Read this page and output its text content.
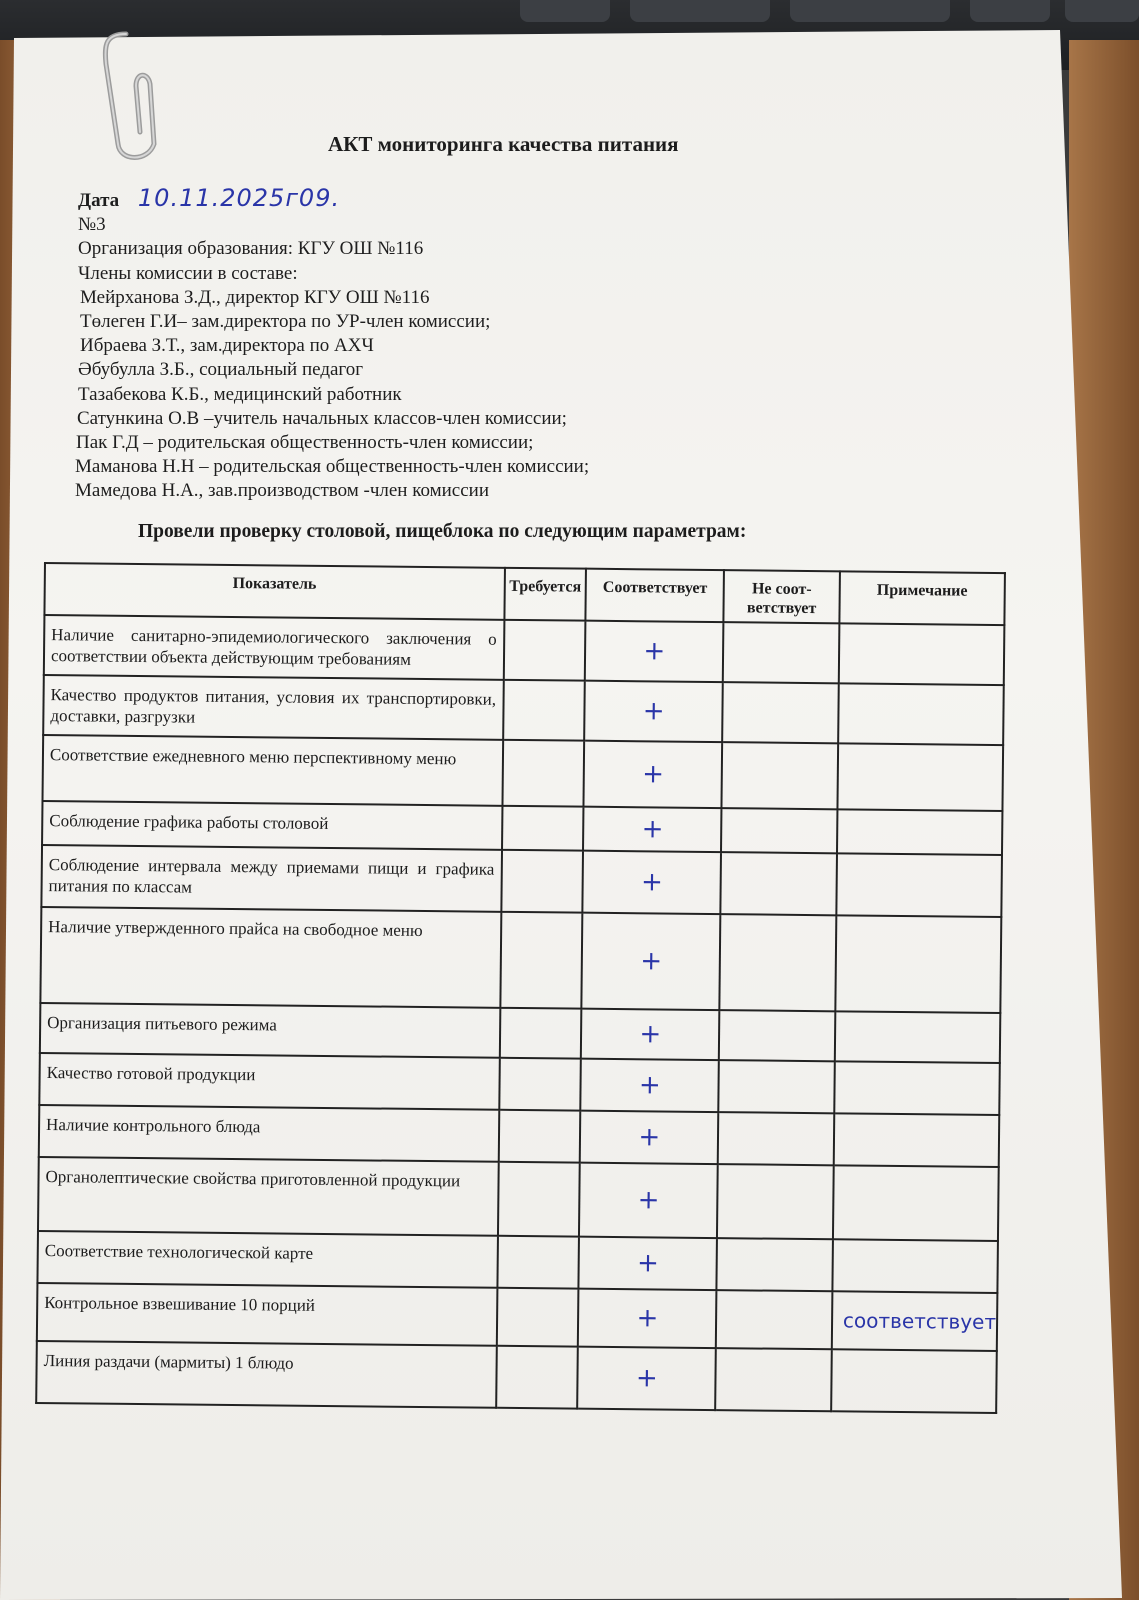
АКТ мониторинга качества питания
Дата 10.11.2025г09.
№3
Организация образования: КГУ ОШ №116
Члены комиссии в составе:
Мейрханова З.Д., директор КГУ ОШ №116
Төлеген Г.И– зам.директора по УР-член комиссии;
Ибраева З.Т., зам.директора по АХЧ
Әбубулла З.Б., социальный педагог
Тазабекова К.Б., медицинский работник
Сатункина О.В –учитель начальных классов-член комиссии;
Пак Г.Д – родительская общественность-член комиссии;
Маманова Н.Н – родительская общественность-член комиссии;
Мамедова Н.А., зав.производством -член комиссии
Провели проверку столовой, пищеблока по следующим параметрам:
Показатель	Требуется	Соответствует	Не соот-ветствует	Примечание
Наличие санитарно-эпидемиологического заключения о соответствии объекта действующим требованиям		+		
Качество продуктов питания, условия их транспортировки, доставки, разгрузки		+		
Соответствие ежедневного меню перспективному меню		+		
Соблюдение графика работы столовой		+		
Соблюдение интервала между приемами пищи и графика питания по классам		+		
Наличие утвержденного прайса на свободное меню		+		
Организация питьевого режима		+		
Качество готовой продукции		+		
Наличие контрольного блюда		+		
Органолептические свойства приготовленной продукции		+		
Соответствие технологической карте		+		
Контрольное взвешивание 10 порций		+		соответствует
Линия раздачи (мармиты) 1 блюдо		+		
